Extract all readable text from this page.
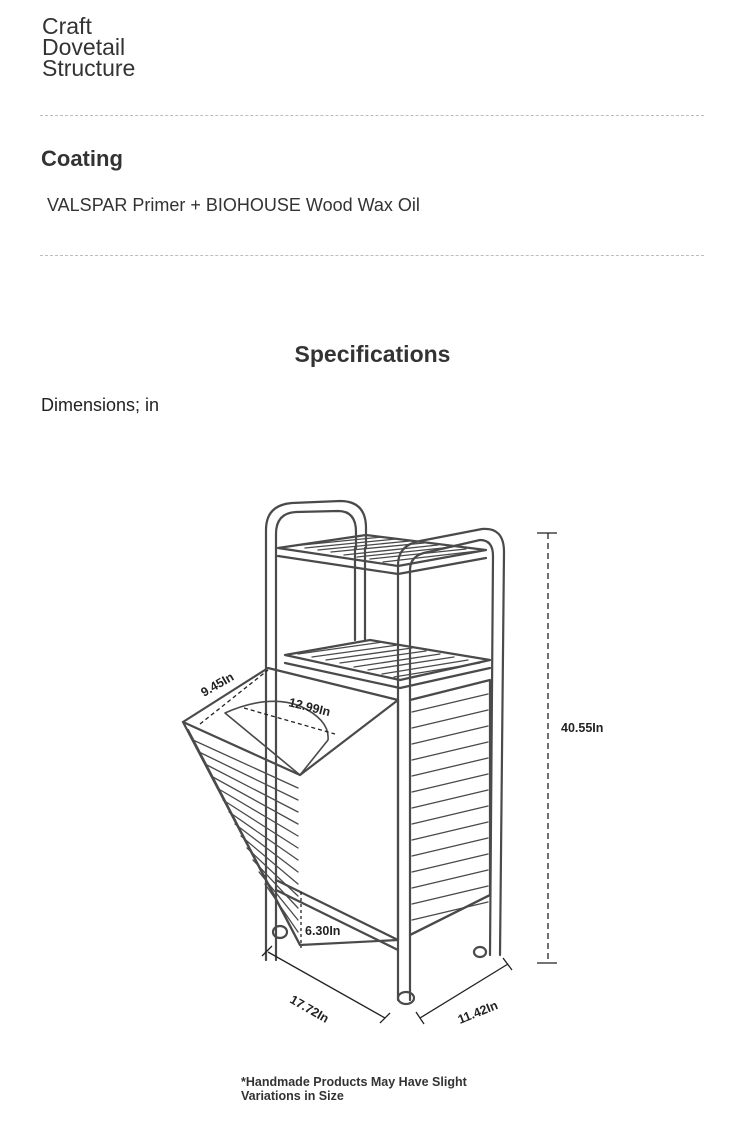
Craft
Dovetail
Structure
Coating
VALSPAR Primer + BIOHOUSE Wood Wax Oil
Specifications
Dimensions; in
40.55In
9.45In
12.99In
6.30In
17.72In	11.42In
*Handmade Products May Have Slight Variations in Size
